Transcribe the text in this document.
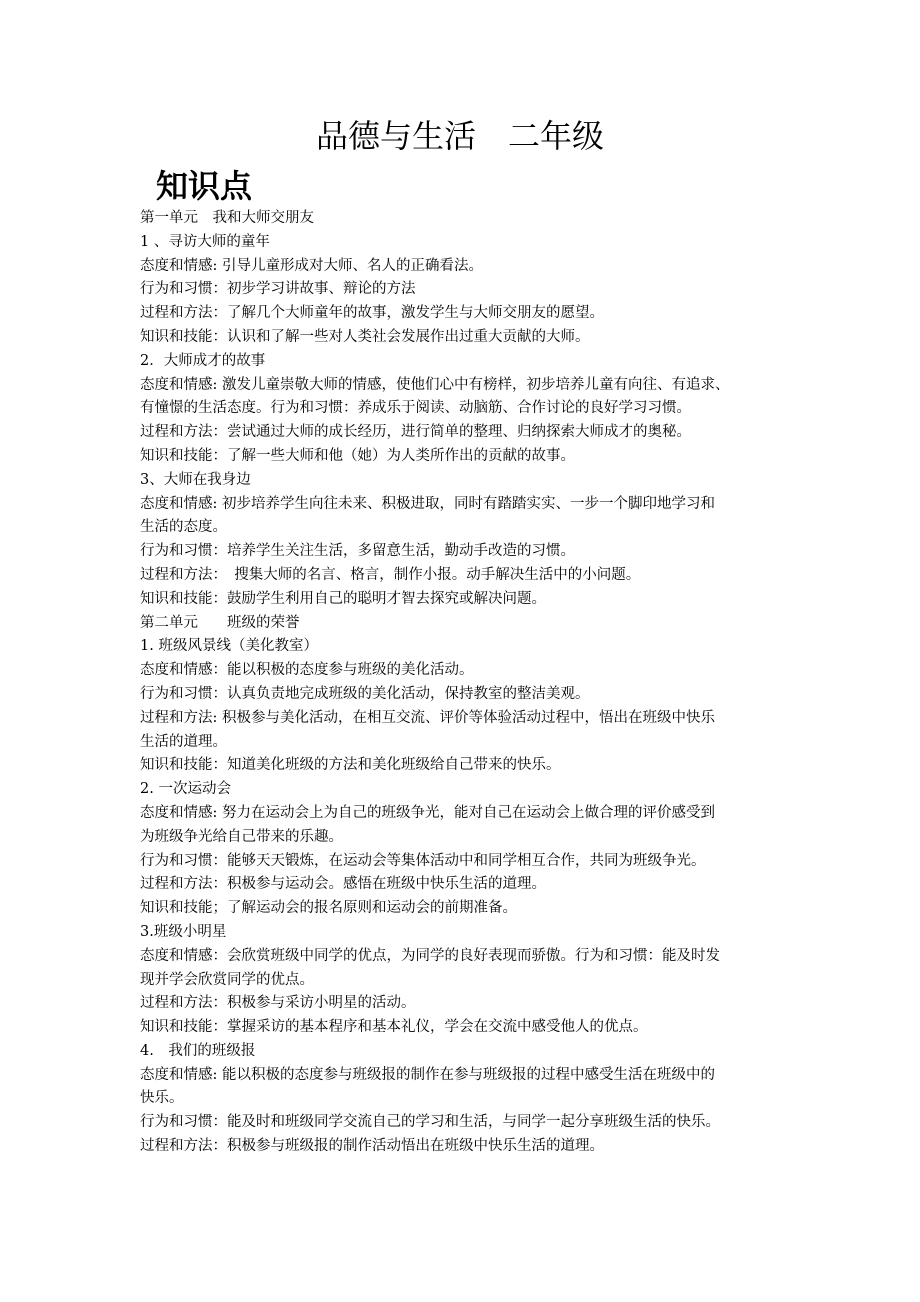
品德与生活　二年级
知识点

第一单元　我和大师交朋友

1 、寻访大师的童年

态度和情感: 引导儿童形成对大师、名人的正确看法。

行为和习惯：初步学习讲故事、辩论的方法

过程和方法：了解几个大师童年的故事，激发学生与大师交朋友的愿望。

知识和技能：认识和了解一些对人类社会发展作出过重大贡献的大师。

2．大师成才的故事

态度和情感: 激发儿童崇敬大师的情感，使他们心中有榜样，初步培养儿童有向往、有追求、

有憧憬的生活态度。行为和习惯：养成乐于阅读、动脑筋、合作讨论的良好学习习惯。

过程和方法：尝试通过大师的成长经历，进行简单的整理、归纳探索大师成才的奥秘。

知识和技能：了解一些大师和他（她）为人类所作出的贡献的故事。

3、大师在我身边

态度和情感: 初步培养学生向往未来、积极进取，同时有踏踏实实、一步一个脚印地学习和

生活的态度。

行为和习惯：培养学生关注生活，多留意生活，勤动手改造的习惯。

过程和方法：　搜集大师的名言、格言，制作小报。动手解决生活中的小问题。

知识和技能：鼓励学生利用自己的聪明才智去探究或解决问题。

第二单元　　班级的荣誉

1. 班级风景线（美化教室）

态度和情感：能以积极的态度参与班级的美化活动。

行为和习惯：认真负责地完成班级的美化活动，保持教室的整洁美观。

过程和方法: 积极参与美化活动，在相互交流、评价等体验活动过程中，悟出在班级中快乐

生活的道理。

知识和技能：知道美化班级的方法和美化班级给自己带来的快乐。

2. 一次运动会

态度和情感: 努力在运动会上为自己的班级争光，能对自己在运动会上做合理的评价感受到

为班级争光给自己带来的乐趣。

行为和习惯：能够天天锻炼，在运动会等集体活动中和同学相互合作，共同为班级争光。

过程和方法：积极参与运动会。感悟在班级中快乐生活的道理。

知识和技能；了解运动会的报名原则和运动会的前期准备。

3.班级小明星

态度和情感：会欣赏班级中同学的优点，为同学的良好表现而骄傲。行为和习惯：能及时发

现并学会欣赏同学的优点。

过程和方法：积极参与采访小明星的活动。

知识和技能：掌握采访的基本程序和基本礼仪，学会在交流中感受他人的优点。

4.　我们的班级报

态度和情感: 能以积极的态度参与班级报的制作在参与班级报的过程中感受生活在班级中的

快乐。

行为和习惯：能及时和班级同学交流自己的学习和生活，与同学一起分享班级生活的快乐。

过程和方法：积极参与班级报的制作活动悟出在班级中快乐生活的道理。
